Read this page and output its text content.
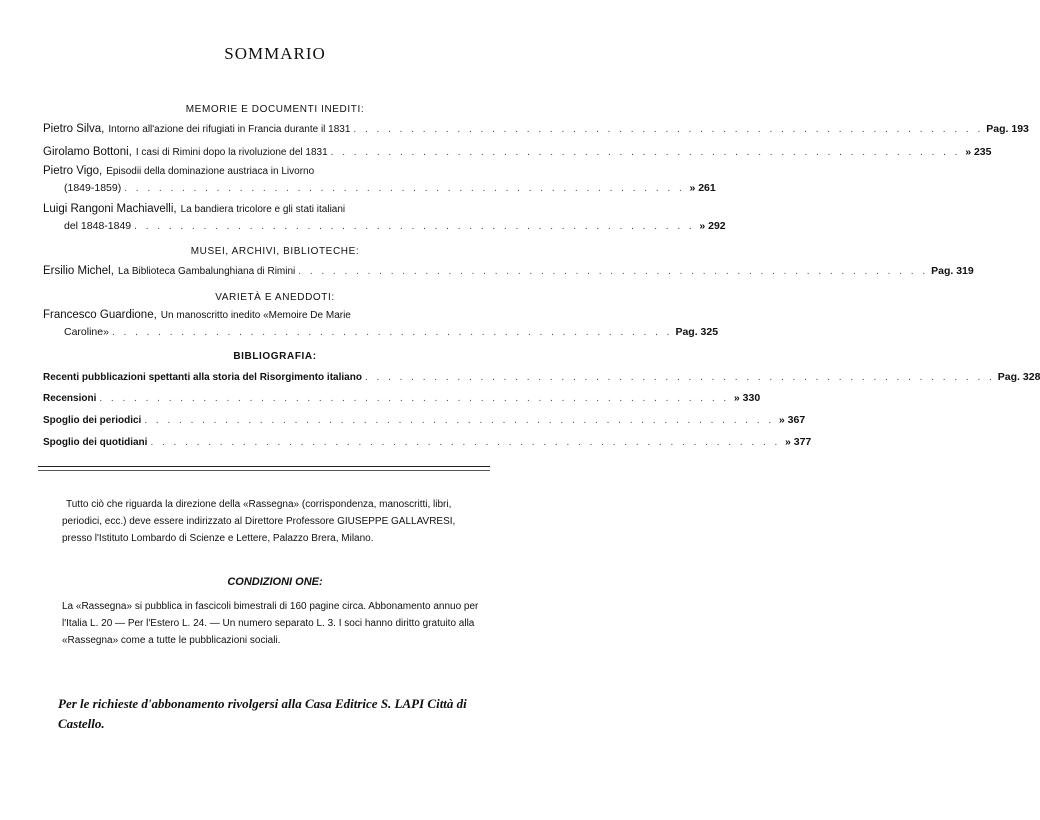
SOMMARIO
MEMORIE E DOCUMENTI INEDITI:
Pietro Silva, Intorno all'azione dei rifugiati in Francia durante il 1831 . . .	Pag. 193
Girolamo Bottoni, I casi di Rimini dopo la rivoluzione del 1831 . . .	» 235
Pietro Vigo, Episodii della dominazione austriaca in Livorno
(1849-1859) . . .	» 261
Luigi Rangoni Machiavelli, La bandiera tricolore e gli stati italiani
del 1848-1849 . . .	» 292
MUSEI, ARCHIVI, BIBLIOTECHE:
Ersilio Michel, La Biblioteca Gambalunghiana di Rimini . . .	Pag. 319
VARIETÀ E ANEDDOTI:
Francesco Guardione, Un manoscritto inedito «Memoire De Marie
Caroline» . . .	Pag. 325
BIBLIOGRAFIA:
Recenti pubblicazioni spettanti alla storia del Risorgimento italiano . . .	Pag. 328
Recensioni . . .	» 330
Spoglio dei periodici . . .	» 367
Spoglio dei quotidiani . . .	» 377
Tutto ciò che riguarda la direzione della «Rassegna» (corrispondenza, manoscritti, libri, periodici, ecc.) deve essere indirizzato al Direttore Professore GIUSEPPE GALLAVRESI, presso l'Istituto Lombardo di Scienze e Lettere, Palazzo Brera, Milano.
CONDIZIONI ONE:
La «Rassegna» si pubblica in fascicoli bimestrali di 160 pagine circa. Abbonamento annuo per l'Italia L. 20 — Per l'Estero L. 24. — Un numero separato L. 3. I soci hanno diritto gratuito alla «Rassegna» come a tutte le pubblicazioni sociali.
Per le richieste d'abbonamento rivolgersi alla Casa Editrice S. LAPI Città di Castello.
